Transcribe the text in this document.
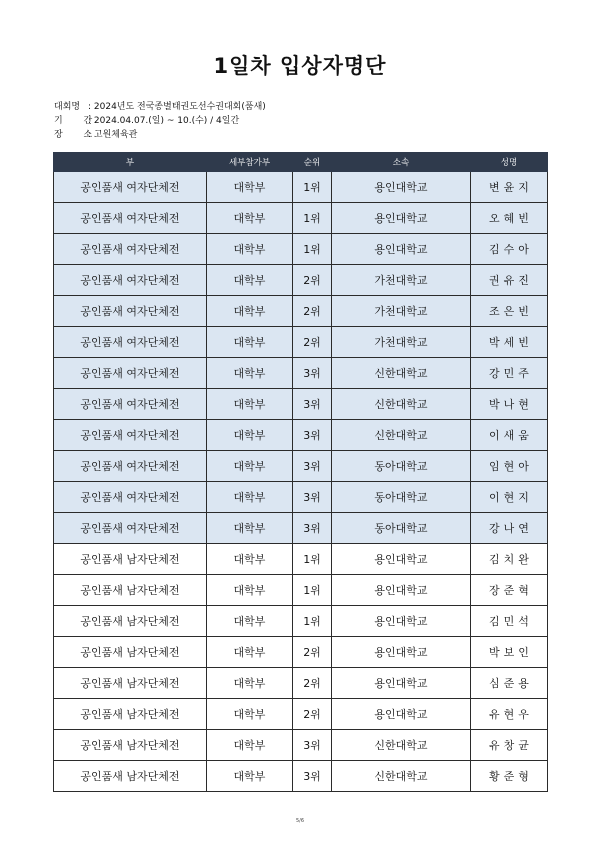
1일차 입상자명단
대회명 : 2024년도 전국종별태권도선수권대회(품새)
기 간
: 2024.04.07.(일) ~ 10.(수) / 4일간
장 소
: 고원체육관
부	세부참가부	순위	소속	성명
공인품새 여자단체전	대학부	1위	용인대학교	변윤지
공인품새 여자단체전	대학부	1위	용인대학교	오혜빈
공인품새 여자단체전	대학부	1위	용인대학교	김수아
공인품새 여자단체전	대학부	2위	가천대학교	권유진
공인품새 여자단체전	대학부	2위	가천대학교	조은빈
공인품새 여자단체전	대학부	2위	가천대학교	박세빈
공인품새 여자단체전	대학부	3위	신한대학교	강민주
공인품새 여자단체전	대학부	3위	신한대학교	박나현
공인품새 여자단체전	대학부	3위	신한대학교	이새움
공인품새 여자단체전	대학부	3위	동아대학교	임현아
공인품새 여자단체전	대학부	3위	동아대학교	이현지
공인품새 여자단체전	대학부	3위	동아대학교	강나연
공인품새 남자단체전	대학부	1위	용인대학교	김치완
공인품새 남자단체전	대학부	1위	용인대학교	장준혁
공인품새 남자단체전	대학부	1위	용인대학교	김민석
공인품새 남자단체전	대학부	2위	용인대학교	박보인
공인품새 남자단체전	대학부	2위	용인대학교	심준용
공인품새 남자단체전	대학부	2위	용인대학교	유현우
공인품새 남자단체전	대학부	3위	신한대학교	유창균
공인품새 남자단체전	대학부	3위	신한대학교	황준형
5/6
